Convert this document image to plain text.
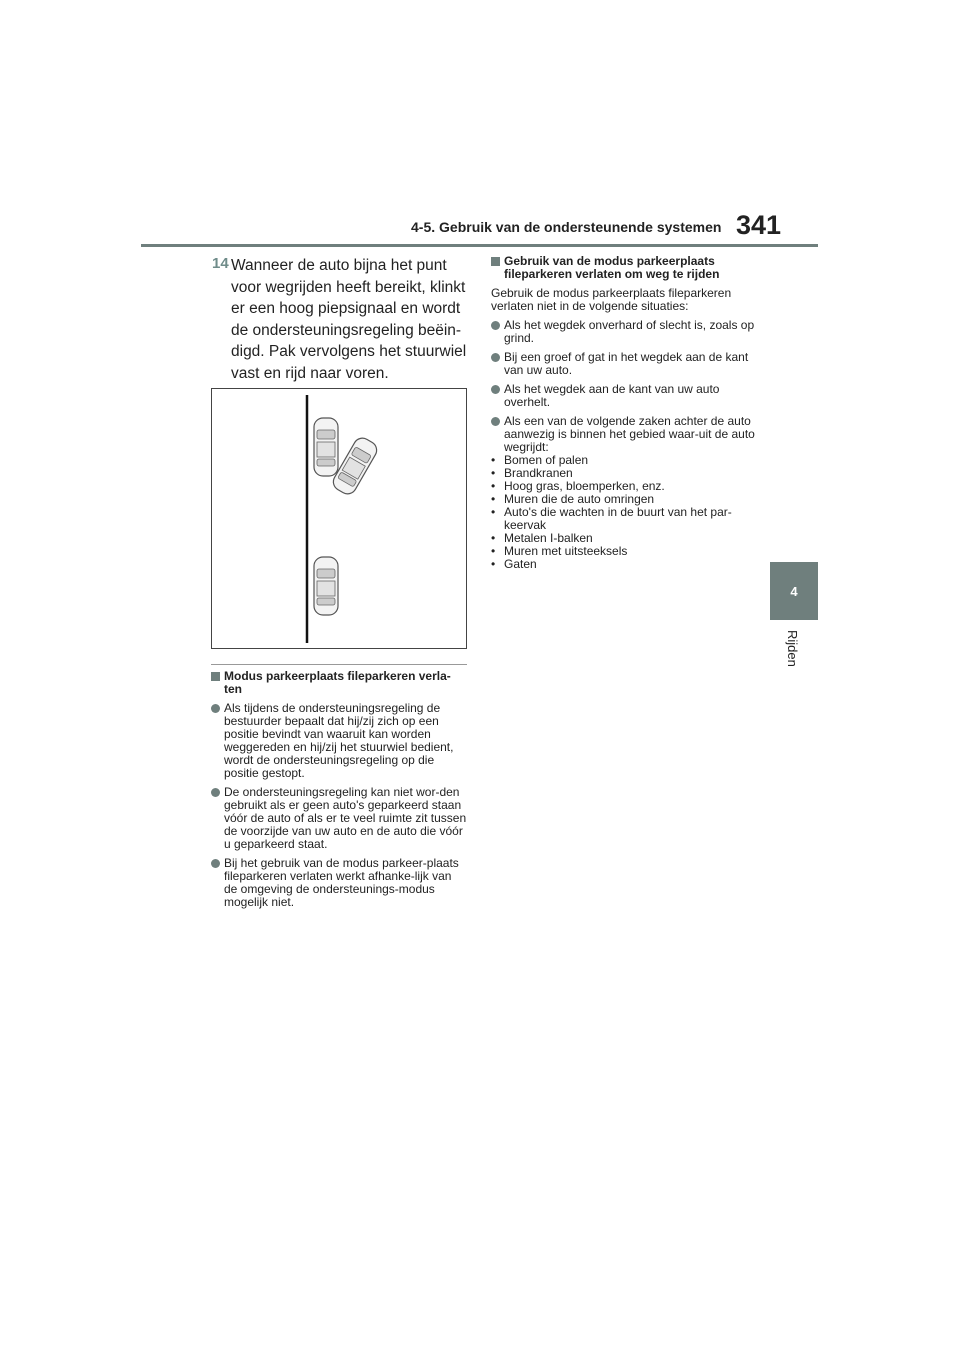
4-5. Gebruik van de ondersteunende systemen 341
4
Rijden
14 Wanneer de auto bijna het punt voor wegrijden heeft bereikt, klinkt er een hoog piepsignaal en wordt de ondersteuningsregeling beëin-digd. Pak vervolgens het stuurwiel vast en rijd naar voren.
Modus parkeerplaats fileparkeren verla-ten
Als tijdens de ondersteuningsregeling de bestuurder bepaalt dat hij/zij zich op een positie bevindt van waaruit kan worden weggereden en hij/zij het stuurwiel bedient, wordt de ondersteuningsregeling op die positie gestopt.
De ondersteuningsregeling kan niet wor-den gebruikt als er geen auto's geparkeerd staan vóór de auto of als er te veel ruimte zit tussen de voorzijde van uw auto en de auto die vóór u geparkeerd staat.
Bij het gebruik van de modus parkeer-plaats fileparkeren verlaten werkt afhanke-lijk van de omgeving de ondersteunings-modus mogelijk niet.
Gebruik van de modus parkeerplaats fileparkeren verlaten om weg te rijden
Gebruik de modus parkeerplaats fileparkeren verlaten niet in de volgende situaties:
Als het wegdek onverhard of slecht is, zoals op grind.
Bij een groef of gat in het wegdek aan de kant van uw auto.
Als het wegdek aan de kant van uw auto overhelt.
Als een van de volgende zaken achter de auto aanwezig is binnen het gebied waar-uit de auto wegrijdt:
• Bomen of palen
• Brandkranen
• Hoog gras, bloemperken, enz.
• Muren die de auto omringen
• Auto's die wachten in de buurt van het par-keervak
• Metalen I-balken
• Muren met uitsteeksels
• Gaten
